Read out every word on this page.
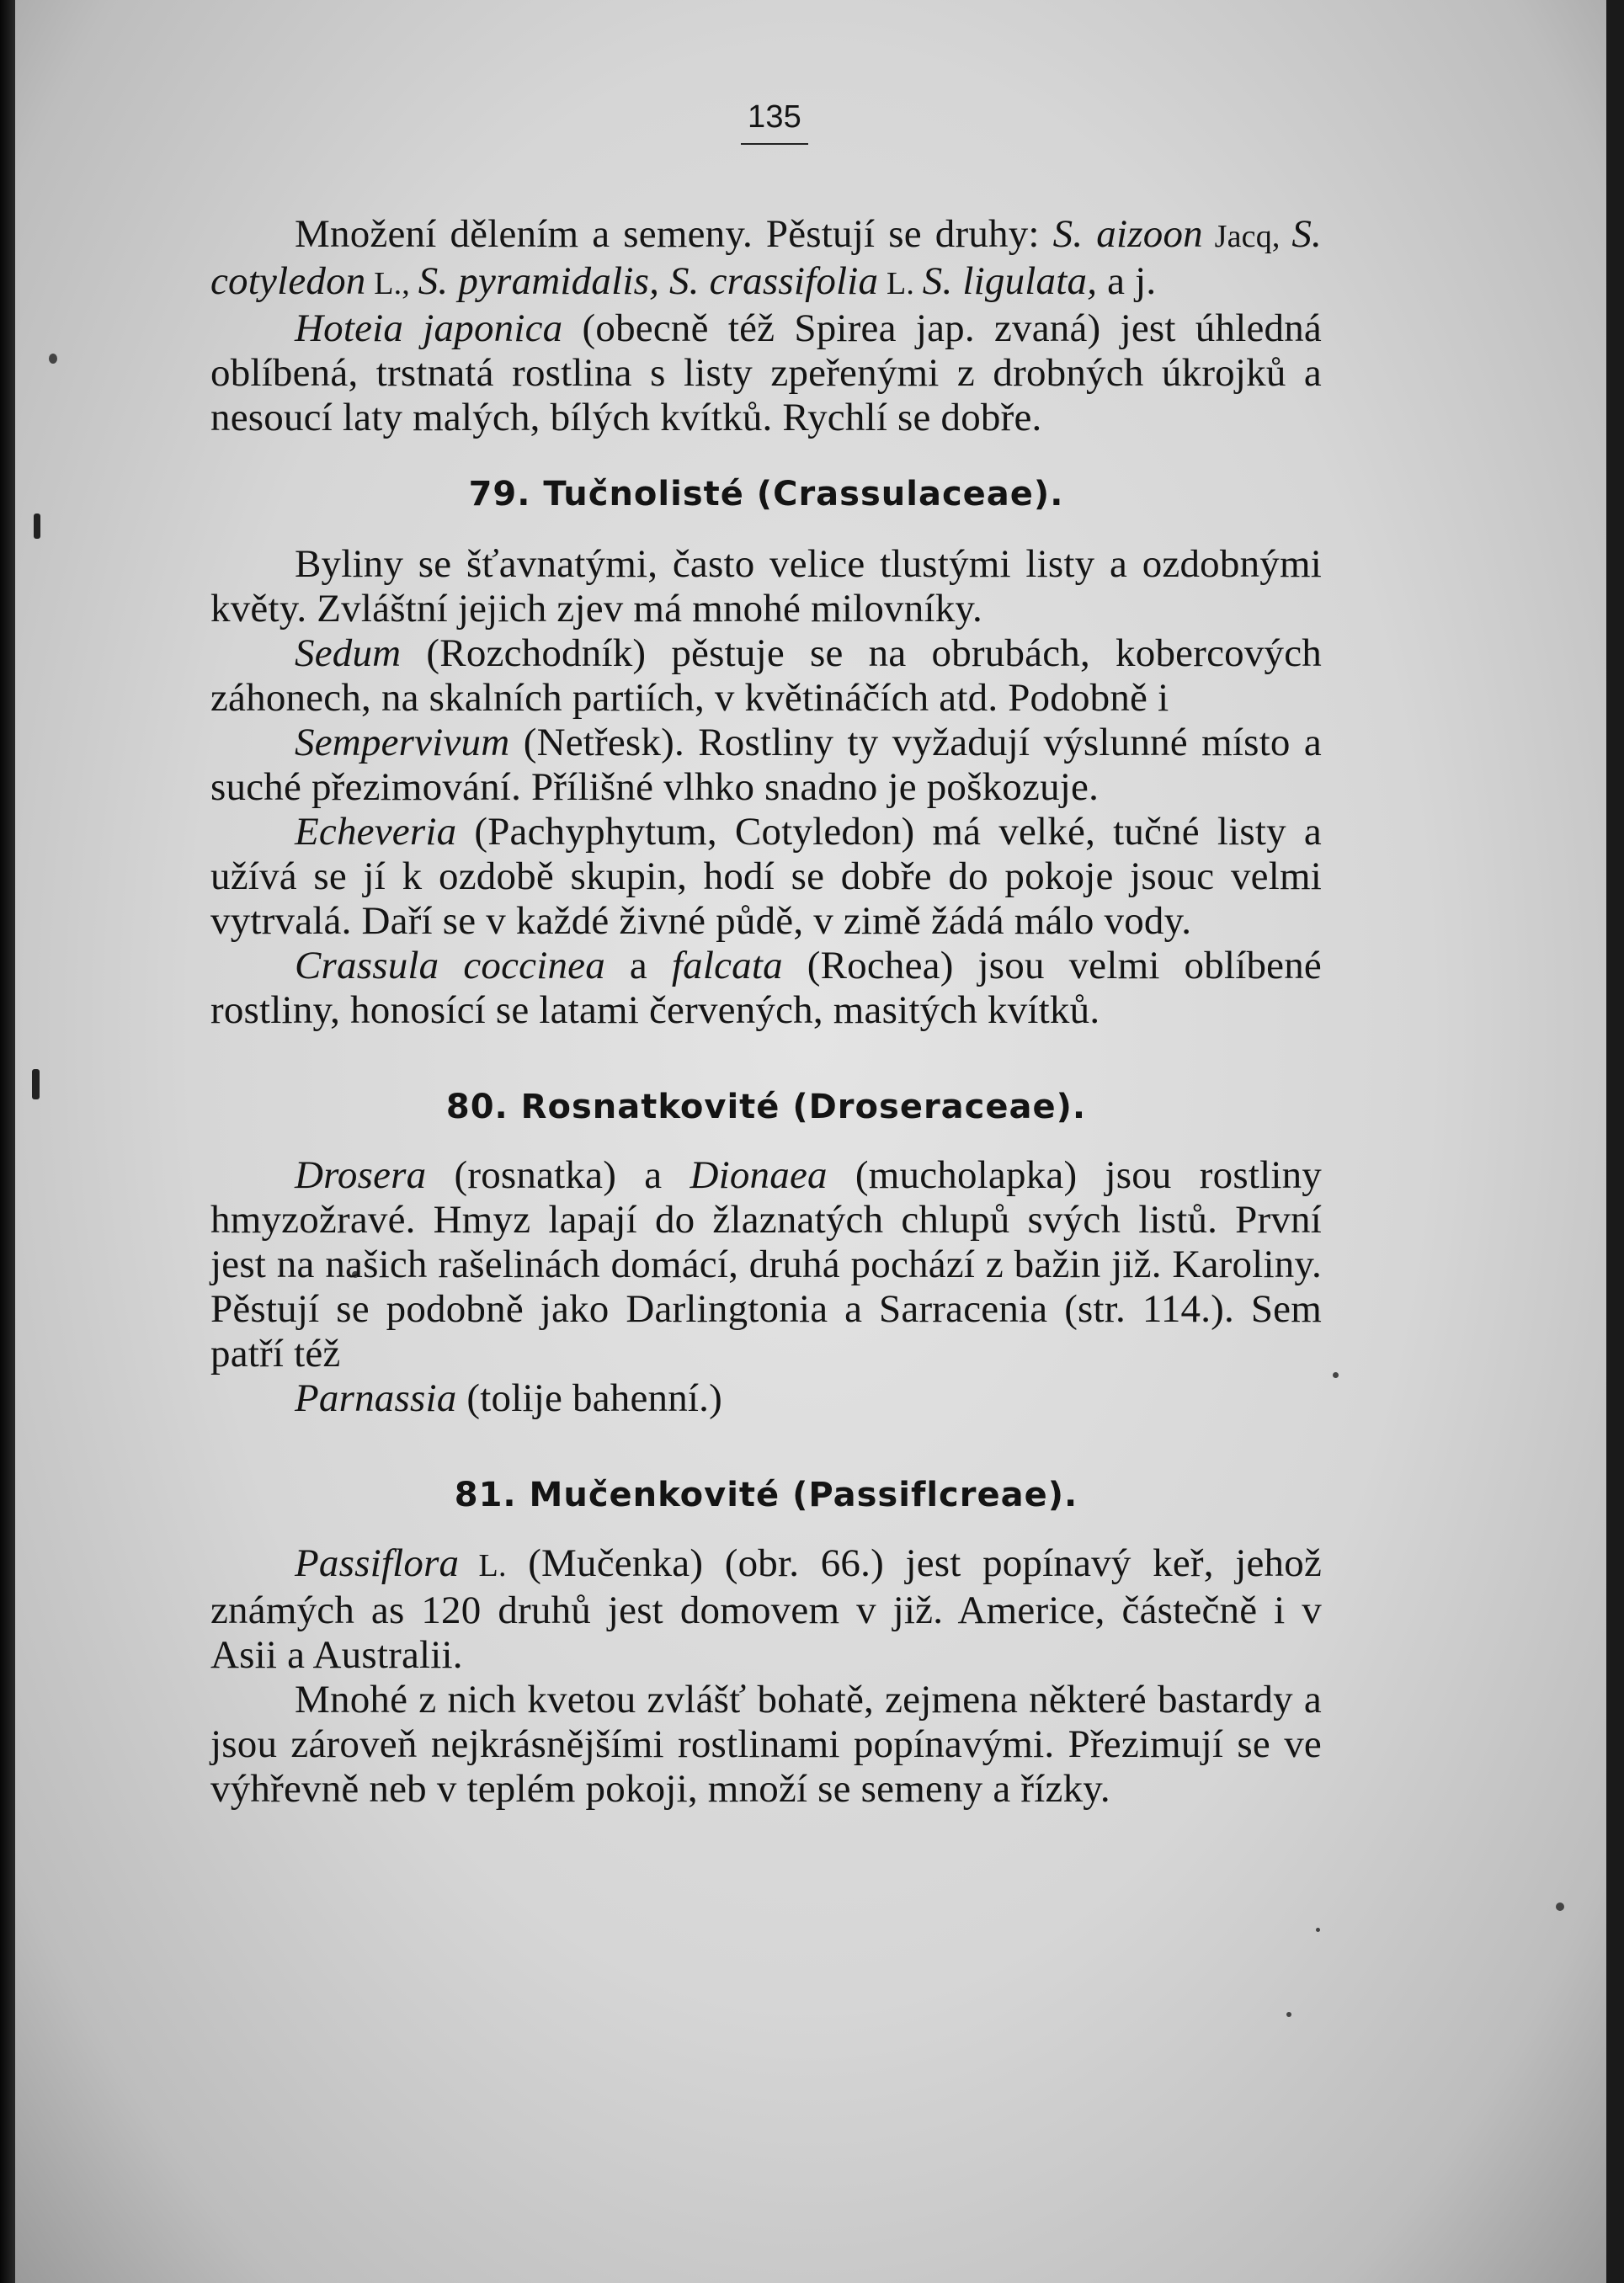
135

Množení dělením a semeny. Pěstují se druhy: S. aizoon Jacq, S. cotyledon L., S. pyramidalis, S. crassifolia L. S. ligulata, a j.

Hoteia japonica (obecně též Spirea jap. zvaná) jest úhledná oblíbená, trstnatá rostlina s listy zpeřenými z drobných úkrojků a nesoucí laty malých, bílých kvítků. Rychlí se dobře.

79. Tučnolisté (Crassulaceae).

Byliny se šťavnatými, často velice tlustými listy a ozdobnými květy. Zvláštní jejich zjev má mnohé milovníky.

Sedum (Rozchodník) pěstuje se na obrubách, kobercových záhonech, na skalních partiích, v květináčích atd. Podobně i

Sempervivum (Netřesk). Rostliny ty vyžadují výslunné místo a suché přezimování. Přílišné vlhko snadno je poškozuje.

Echeveria (Pachyphytum, Cotyledon) má velké, tučné listy a užívá se jí k ozdobě skupin, hodí se dobře do pokoje jsouc velmi vytrvalá. Daří se v každé živné půdě, v zimě žádá málo vody.

Crassula coccinea a falcata (Rochea) jsou velmi oblíbené rostliny, honosící se latami červených, masitých kvítků.

80. Rosnatkovité (Droseraceae).

Drosera (rosnatka) a Dionaea (mucholapka) jsou rostliny hmyzožravé. Hmyz lapají do žlaznatých chlupů svých listů. První jest na našich rašelinách domácí, druhá pochází z bažin již. Karoliny. Pěstují se podobně jako Darlingtonia a Sarracenia (str. 114.). Sem patří též

Parnassia (tolije bahenní.)

81. Mučenkovité (Passiflcreae).

Passiflora L. (Mučenka) (obr. 66.) jest popínavý keř, jehož známých as 120 druhů jest domovem v již. Americe, částečně i v Asii a Australii.

Mnohé z nich kvetou zvlášť bohatě, zejmena některé bastardy a jsou zároveň nejkrásnějšími rostlinami popínavými. Přezimují se ve výhřevně neb v teplém pokoji, množí se semeny a řízky.
